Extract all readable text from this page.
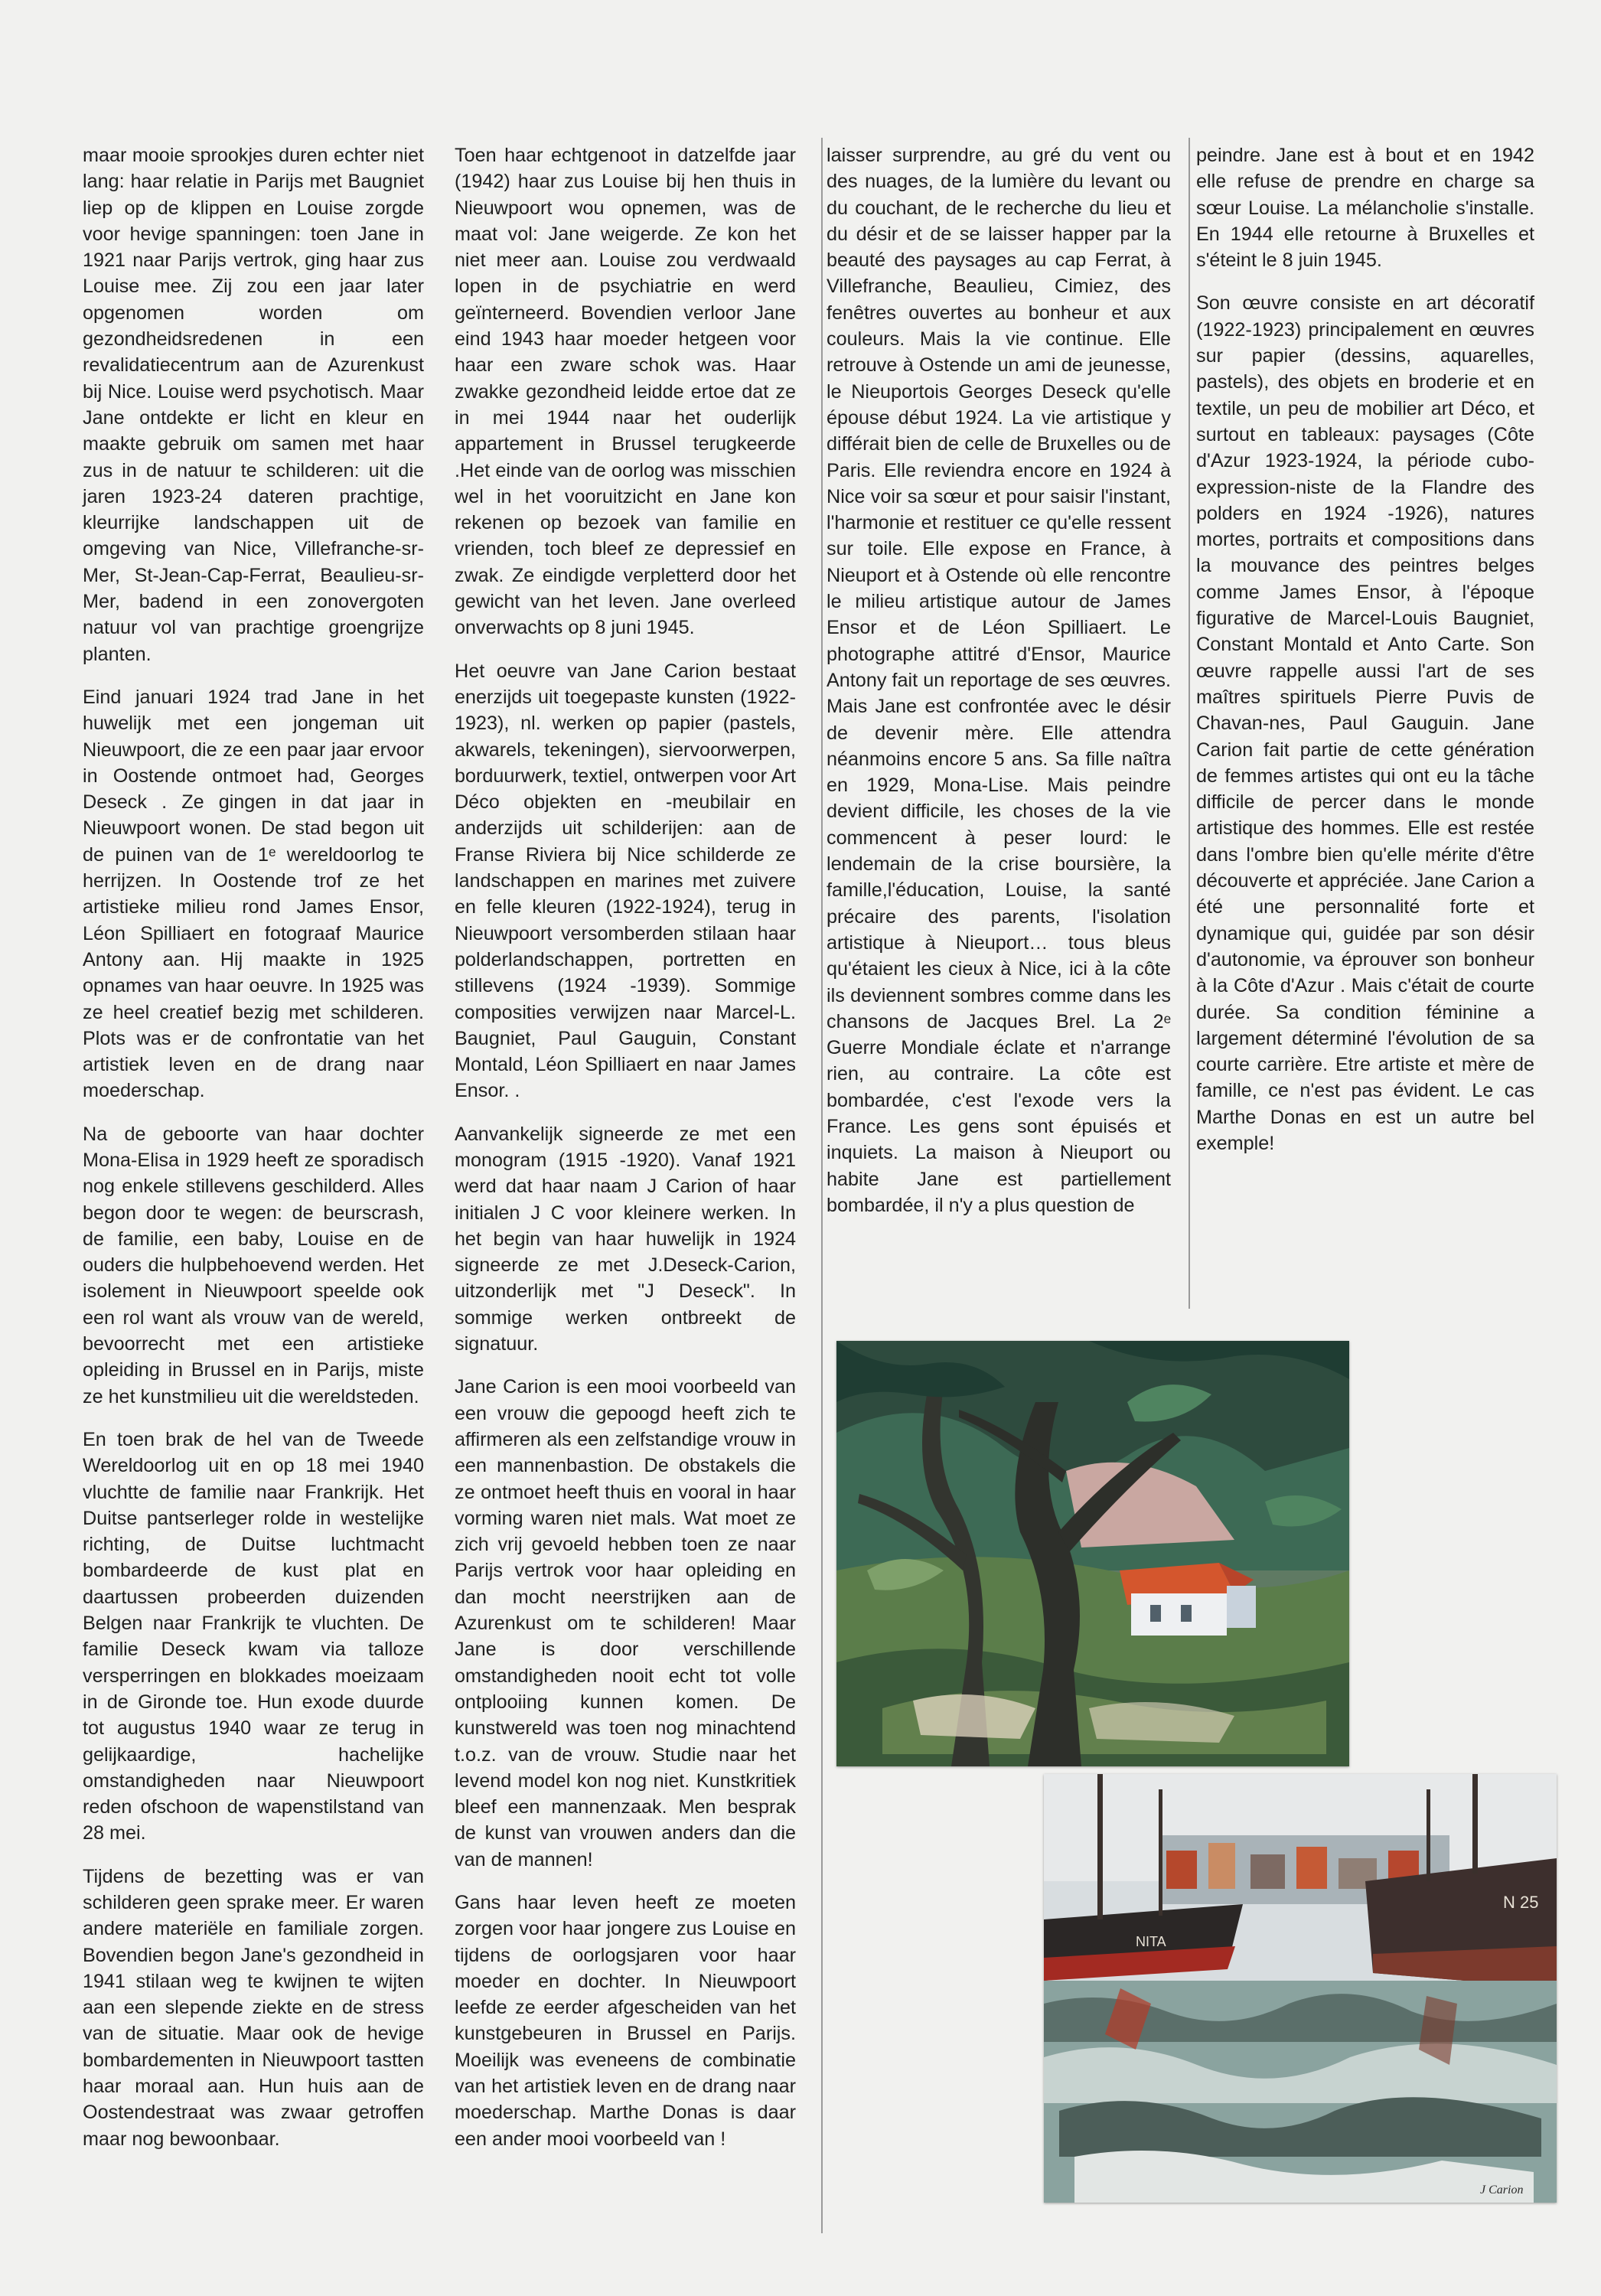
maar mooie sprookjes duren echter niet lang: haar relatie in Parijs met Baugniet liep op de klippen en Louise zorgde voor hevige spanningen: toen Jane in 1921 naar Parijs vertrok, ging haar zus Louise mee. Zij zou een jaar later opgenomen worden om gezondheidsredenen in een revalidatiecentrum aan de Azurenkust bij Nice. Louise werd psychotisch. Maar Jane ontdekte er licht en kleur en maakte gebruik om samen met haar zus in de natuur te schilderen: uit die jaren 1923-24 dateren prachtige, kleurrijke landschappen uit de omgeving van Nice, Villefranche-sr-Mer, St-Jean-Cap-Ferrat, Beaulieu-sr-Mer, badend in een zonovergoten natuur vol van prachtige groengrijze planten.

Eind januari 1924 trad Jane in het huwelijk met een jongeman uit Nieuwpoort, die ze een paar jaar ervoor in Oostende ontmoet had, Georges Deseck . Ze gingen in dat jaar in Nieuwpoort wonen. De stad begon uit de puinen van de 1ᵉ wereldoorlog te herrijzen. In Oostende trof ze het artistieke milieu rond James Ensor, Léon Spilliaert en fotograaf Maurice Antony aan. Hij maakte in 1925 opnames van haar oeuvre. In 1925 was ze heel creatief bezig met schilderen. Plots was er de confrontatie van het artistiek leven en de drang naar moederschap.

Na de geboorte van haar dochter Mona-Elisa in 1929 heeft ze sporadisch nog enkele stillevens geschilderd. Alles begon door te wegen: de beurscrash, de familie, een baby, Louise en de ouders die hulpbehoevend werden. Het isolement in Nieuwpoort speelde ook een rol want als vrouw van de wereld, bevoorrecht met een artistieke opleiding in Brussel en in Parijs, miste ze het kunstmilieu uit die wereldsteden.

En toen brak de hel van de Tweede Wereldoorlog uit en op 18 mei 1940 vluchtte de familie naar Frankrijk. Het Duitse pantserleger rolde in westelijke richting, de Duitse luchtmacht bombardeerde de kust plat en daartussen probeerden duizenden Belgen naar Frankrijk te vluchten. De familie Deseck kwam via talloze versperringen en blokkades moeizaam in de Gironde toe. Hun exode duurde tot augustus 1940 waar ze terug in gelijkaardige, hachelijke omstandigheden naar Nieuwpoort reden ofschoon de wapenstilstand van 28 mei.

Tijdens de bezetting was er van schilderen geen sprake meer. Er waren andere materiële en familiale zorgen. Bovendien begon Jane's gezondheid in 1941 stilaan weg te kwijnen te wijten aan een slepende ziekte en de stress van de situatie. Maar ook de hevige bombardementen in Nieuwpoort tastten haar moraal aan. Hun huis aan de Oostendestraat was zwaar getroffen maar nog bewoonbaar.

Toen haar echtgenoot in datzelfde jaar (1942) haar zus Louise bij hen thuis in Nieuwpoort wou opnemen, was de maat vol: Jane weigerde. Ze kon het niet meer aan. Louise zou verdwaald lopen in de psychiatrie en werd geïnterneerd. Bovendien verloor Jane eind 1943 haar moeder hetgeen voor haar een zware schok was. Haar zwakke gezondheid leidde ertoe dat ze in mei 1944 naar het ouderlijk appartement in Brussel terugkeerde .Het einde van de oorlog was misschien wel in het vooruitzicht en Jane kon rekenen op bezoek van familie en vrienden, toch bleef ze depressief en zwak. Ze eindigde verpletterd door het gewicht van het leven. Jane overleed onverwachts op 8 juni 1945.

Het oeuvre van Jane Carion bestaat enerzijds uit toegepaste kunsten (1922-1923), nl. werken op papier (pastels, akwarels, tekeningen), siervoorwerpen, borduurwerk, textiel, ontwerpen voor Art Déco objekten en -meubilair en anderzijds uit schilderijen: aan de Franse Riviera bij Nice schilderde ze landschappen en marines met zuivere en felle kleuren (1922-1924), terug in Nieuwpoort versomberden stilaan haar polderlandschappen, portretten en stillevens (1924 -1939). Sommige composities verwijzen naar Marcel-L. Baugniet, Paul Gauguin, Constant Montald, Léon Spilliaert en naar James Ensor. .

Aanvankelijk signeerde ze met een monogram (1915 -1920). Vanaf 1921 werd dat haar naam J Carion of haar initialen J C voor kleinere werken. In het begin van haar huwelijk in 1924 signeerde ze met J.Deseck-Carion, uitzonderlijk met "J Deseck". In sommige werken ontbreekt de signatuur.

Jane Carion is een mooi voorbeeld van een vrouw die gepoogd heeft zich te affirmeren als een zelfstandige vrouw in een mannenbastion. De obstakels die ze ontmoet heeft thuis en vooral in haar vorming waren niet mals. Wat moet ze zich vrij gevoeld hebben toen ze naar Parijs vertrok voor haar opleiding en dan mocht neerstrijken aan de Azurenkust om te schilderen! Maar Jane is door verschillende omstandigheden nooit echt tot volle ontplooiing kunnen komen. De kunstwereld was toen nog minachtend t.o.z. van de vrouw. Studie naar het levend model kon nog niet. Kunstkritiek bleef een mannenzaak. Men besprak de kunst van vrouwen anders dan die van de mannen!

Gans haar leven heeft ze moeten zorgen voor haar jongere zus Louise en tijdens de oorlogsjaren voor haar moeder en dochter. In Nieuwpoort leefde ze eerder afgescheiden van het kunstgebeuren in Brussel en Parijs. Moeilijk was eveneens de combinatie van het artistiek leven en de drang naar moederschap. Marthe Donas is daar een ander mooi voorbeeld van !

laisser surprendre, au gré du vent ou des nuages, de la lumière du levant ou du couchant, de le recherche du lieu et du désir et de se laisser happer par la beauté des paysages au cap Ferrat, à Villefranche, Beaulieu, Cimiez, des fenêtres ouvertes au bonheur et aux couleurs. Mais la vie continue. Elle retrouve à Ostende un ami de jeunesse, le Nieuportois Georges Deseck qu'elle épouse début 1924. La vie artistique y différait bien de celle de Bruxelles ou de Paris. Elle reviendra encore en 1924 à Nice voir sa sœur et pour saisir l'instant, l'harmonie et restituer ce qu'elle ressent sur toile. Elle expose en France, à Nieuport et à Ostende où elle rencontre le milieu artistique autour de James Ensor et de Léon Spilliaert. Le photographe attitré d'Ensor, Maurice Antony fait un reportage de ses œuvres. Mais Jane est confrontée avec le désir de devenir mère. Elle attendra néanmoins encore 5 ans. Sa fille naîtra en 1929, Mona-Lise. Mais peindre devient difficile, les choses de la vie commencent à peser lourd: le lendemain de la crise boursière, la famille,l'éducation, Louise, la santé précaire des parents, l'isolation artistique à Nieuport… tous bleus qu'étaient les cieux à Nice, ici à la côte ils deviennent sombres comme dans les chansons de Jacques Brel. La 2ᵉ Guerre Mondiale éclate et n'arrange rien, au contraire. La côte est bombardée, c'est l'exode vers la France. Les gens sont épuisés et inquiets. La maison à Nieuport ou habite Jane est partiellement bombardée, il n'y a plus question de

peindre. Jane est à bout et en 1942 elle refuse de prendre en charge sa sœur Louise. La mélancholie s'installe. En 1944 elle retourne à Bruxelles et s'éteint le 8 juin 1945.

Son œuvre consiste en art décoratif (1922-1923) principalement en œuvres sur papier (dessins, aquarelles, pastels), des objets en broderie et en textile, un peu de mobilier art Déco, et surtout en tableaux: paysages (Côte d'Azur 1923-1924, la période cubo-expression-niste de la Flandre des polders en 1924 -1926), natures mortes, portraits et compositions dans la mouvance des peintres belges comme James Ensor, à l'époque figurative de Marcel-Louis Baugniet, Constant Montald et Anto Carte. Son œuvre rappelle aussi l'art de ses maîtres spirituels Pierre Puvis de Chavan-nes, Paul Gauguin. Jane Carion fait partie de cette génération de femmes artistes qui ont eu la tâche difficile de percer dans le monde artistique des hommes. Elle est restée dans l'ombre bien qu'elle mérite d'être découverte et appréciée. Jane Carion a été une personnalité forte et dynamique qui, guidée par son désir d'autonomie, va éprouver son bonheur à la Côte d'Azur . Mais c'était de courte durée. Sa condition féminine a largement déterminé l'évolution de sa courte carrière. Etre artiste et mère de famille, ce n'est pas évident. Le cas Marthe Donas en est un autre bel exemple!

NITA
N 25
J Carion
